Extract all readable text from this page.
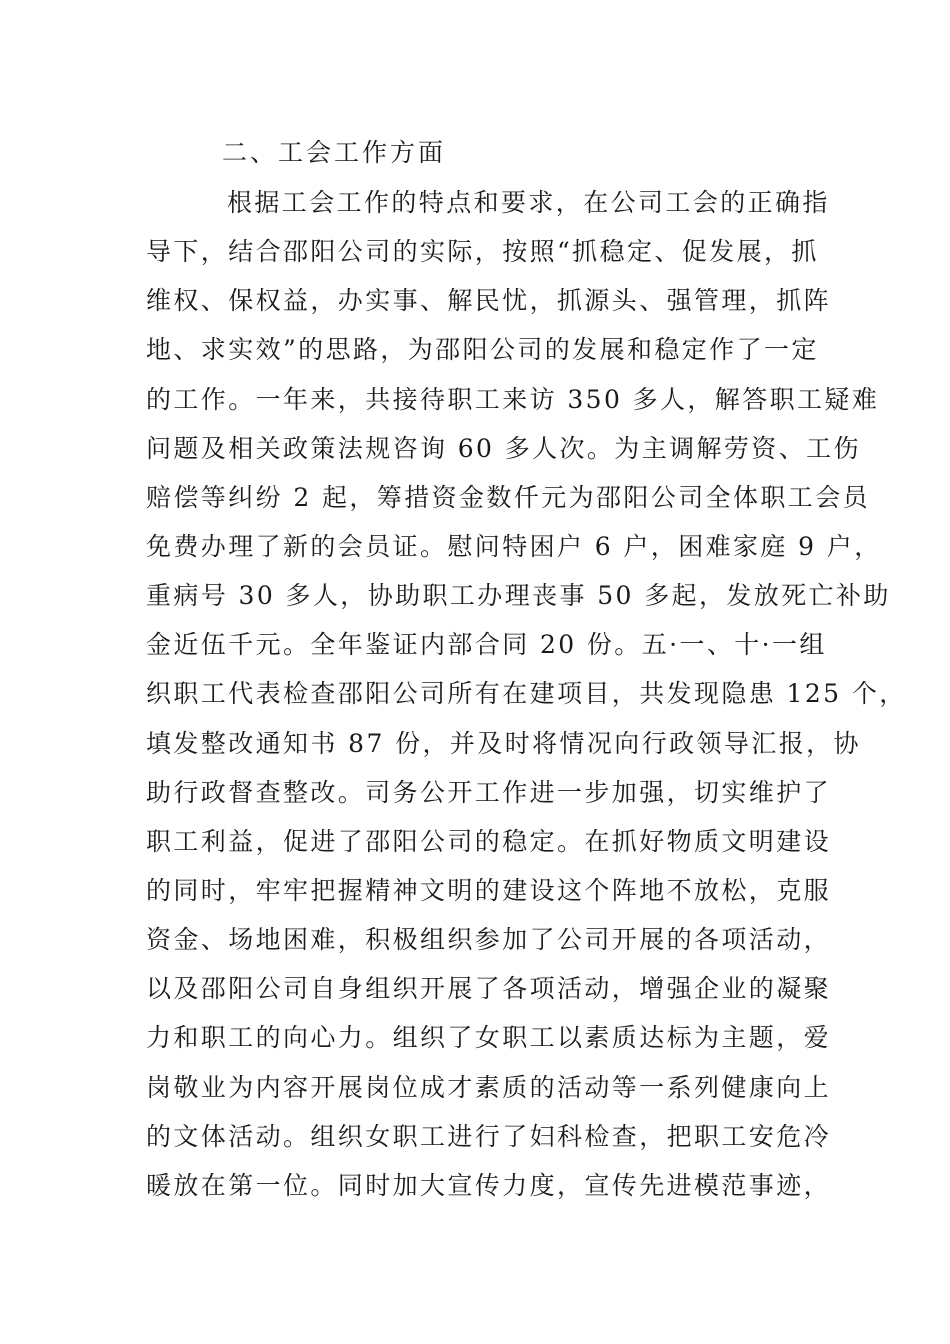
二、工会工作方面
根据工会工作的特点和要求，在公司工会的正确指
导下，结合邵阳公司的实际，按照“抓稳定、促发展，抓
维权、保权益，办实事、解民忧，抓源头、强管理，抓阵
地、求实效”的思路，为邵阳公司的发展和稳定作了一定
的工作。一年来，共接待职工来访 350 多人，解答职工疑难
问题及相关政策法规咨询 60 多人次。为主调解劳资、工伤
赔偿等纠纷 2 起，筹措资金数仟元为邵阳公司全体职工会员
免费办理了新的会员证。慰问特困户 6 户，困难家庭 9 户，
重病号 30 多人，协助职工办理丧事 50 多起，发放死亡补助
金近伍千元。全年鉴证内部合同 20 份。五·一、十·一组
织职工代表检查邵阳公司所有在建项目，共发现隐患 125 个，
填发整改通知书 87 份，并及时将情况向行政领导汇报，协
助行政督查整改。司务公开工作进一步加强，切实维护了
职工利益，促进了邵阳公司的稳定。在抓好物质文明建设
的同时，牢牢把握精神文明的建设这个阵地不放松，克服
资金、场地困难，积极组织参加了公司开展的各项活动，
以及邵阳公司自身组织开展了各项活动，增强企业的凝聚
力和职工的向心力。组织了女职工以素质达标为主题，爱
岗敬业为内容开展岗位成才素质的活动等一系列健康向上
的文体活动。组织女职工进行了妇科检查，把职工安危冷
暖放在第一位。同时加大宣传力度，宣传先进模范事迹，
